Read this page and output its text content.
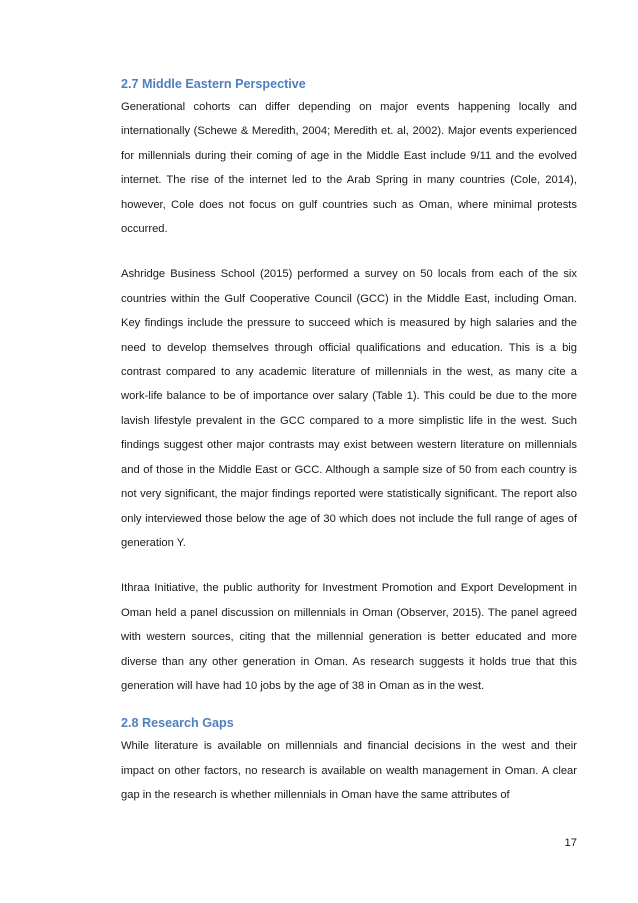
2.7 Middle Eastern Perspective

Generational cohorts can differ depending on major events happening locally and internationally (Schewe & Meredith, 2004; Meredith et. al, 2002). Major events experienced for millennials during their coming of age in the Middle East include 9/11 and the evolved internet. The rise of the internet led to the Arab Spring in many countries (Cole, 2014), however, Cole does not focus on gulf countries such as Oman, where minimal protests occurred.

Ashridge Business School (2015) performed a survey on 50 locals from each of the six countries within the Gulf Cooperative Council (GCC) in the Middle East, including Oman. Key findings include the pressure to succeed which is measured by high salaries and the need to develop themselves through official qualifications and education. This is a big contrast compared to any academic literature of millennials in the west, as many cite a work-life balance to be of importance over salary (Table 1). This could be due to the more lavish lifestyle prevalent in the GCC compared to a more simplistic life in the west. Such findings suggest other major contrasts may exist between western literature on millennials and of those in the Middle East or GCC. Although a sample size of 50 from each country is not very significant, the major findings reported were statistically significant. The report also only interviewed those below the age of 30 which does not include the full range of ages of generation Y.

Ithraa Initiative, the public authority for Investment Promotion and Export Development in Oman held a panel discussion on millennials in Oman (Observer, 2015). The panel agreed with western sources, citing that the millennial generation is better educated and more diverse than any other generation in Oman. As research suggests it holds true that this generation will have had 10 jobs by the age of 38 in Oman as in the west.

2.8 Research Gaps

While literature is available on millennials and financial decisions in the west and their impact on other factors, no research is available on wealth management in Oman. A clear gap in the research is whether millennials in Oman have the same attributes of

17
